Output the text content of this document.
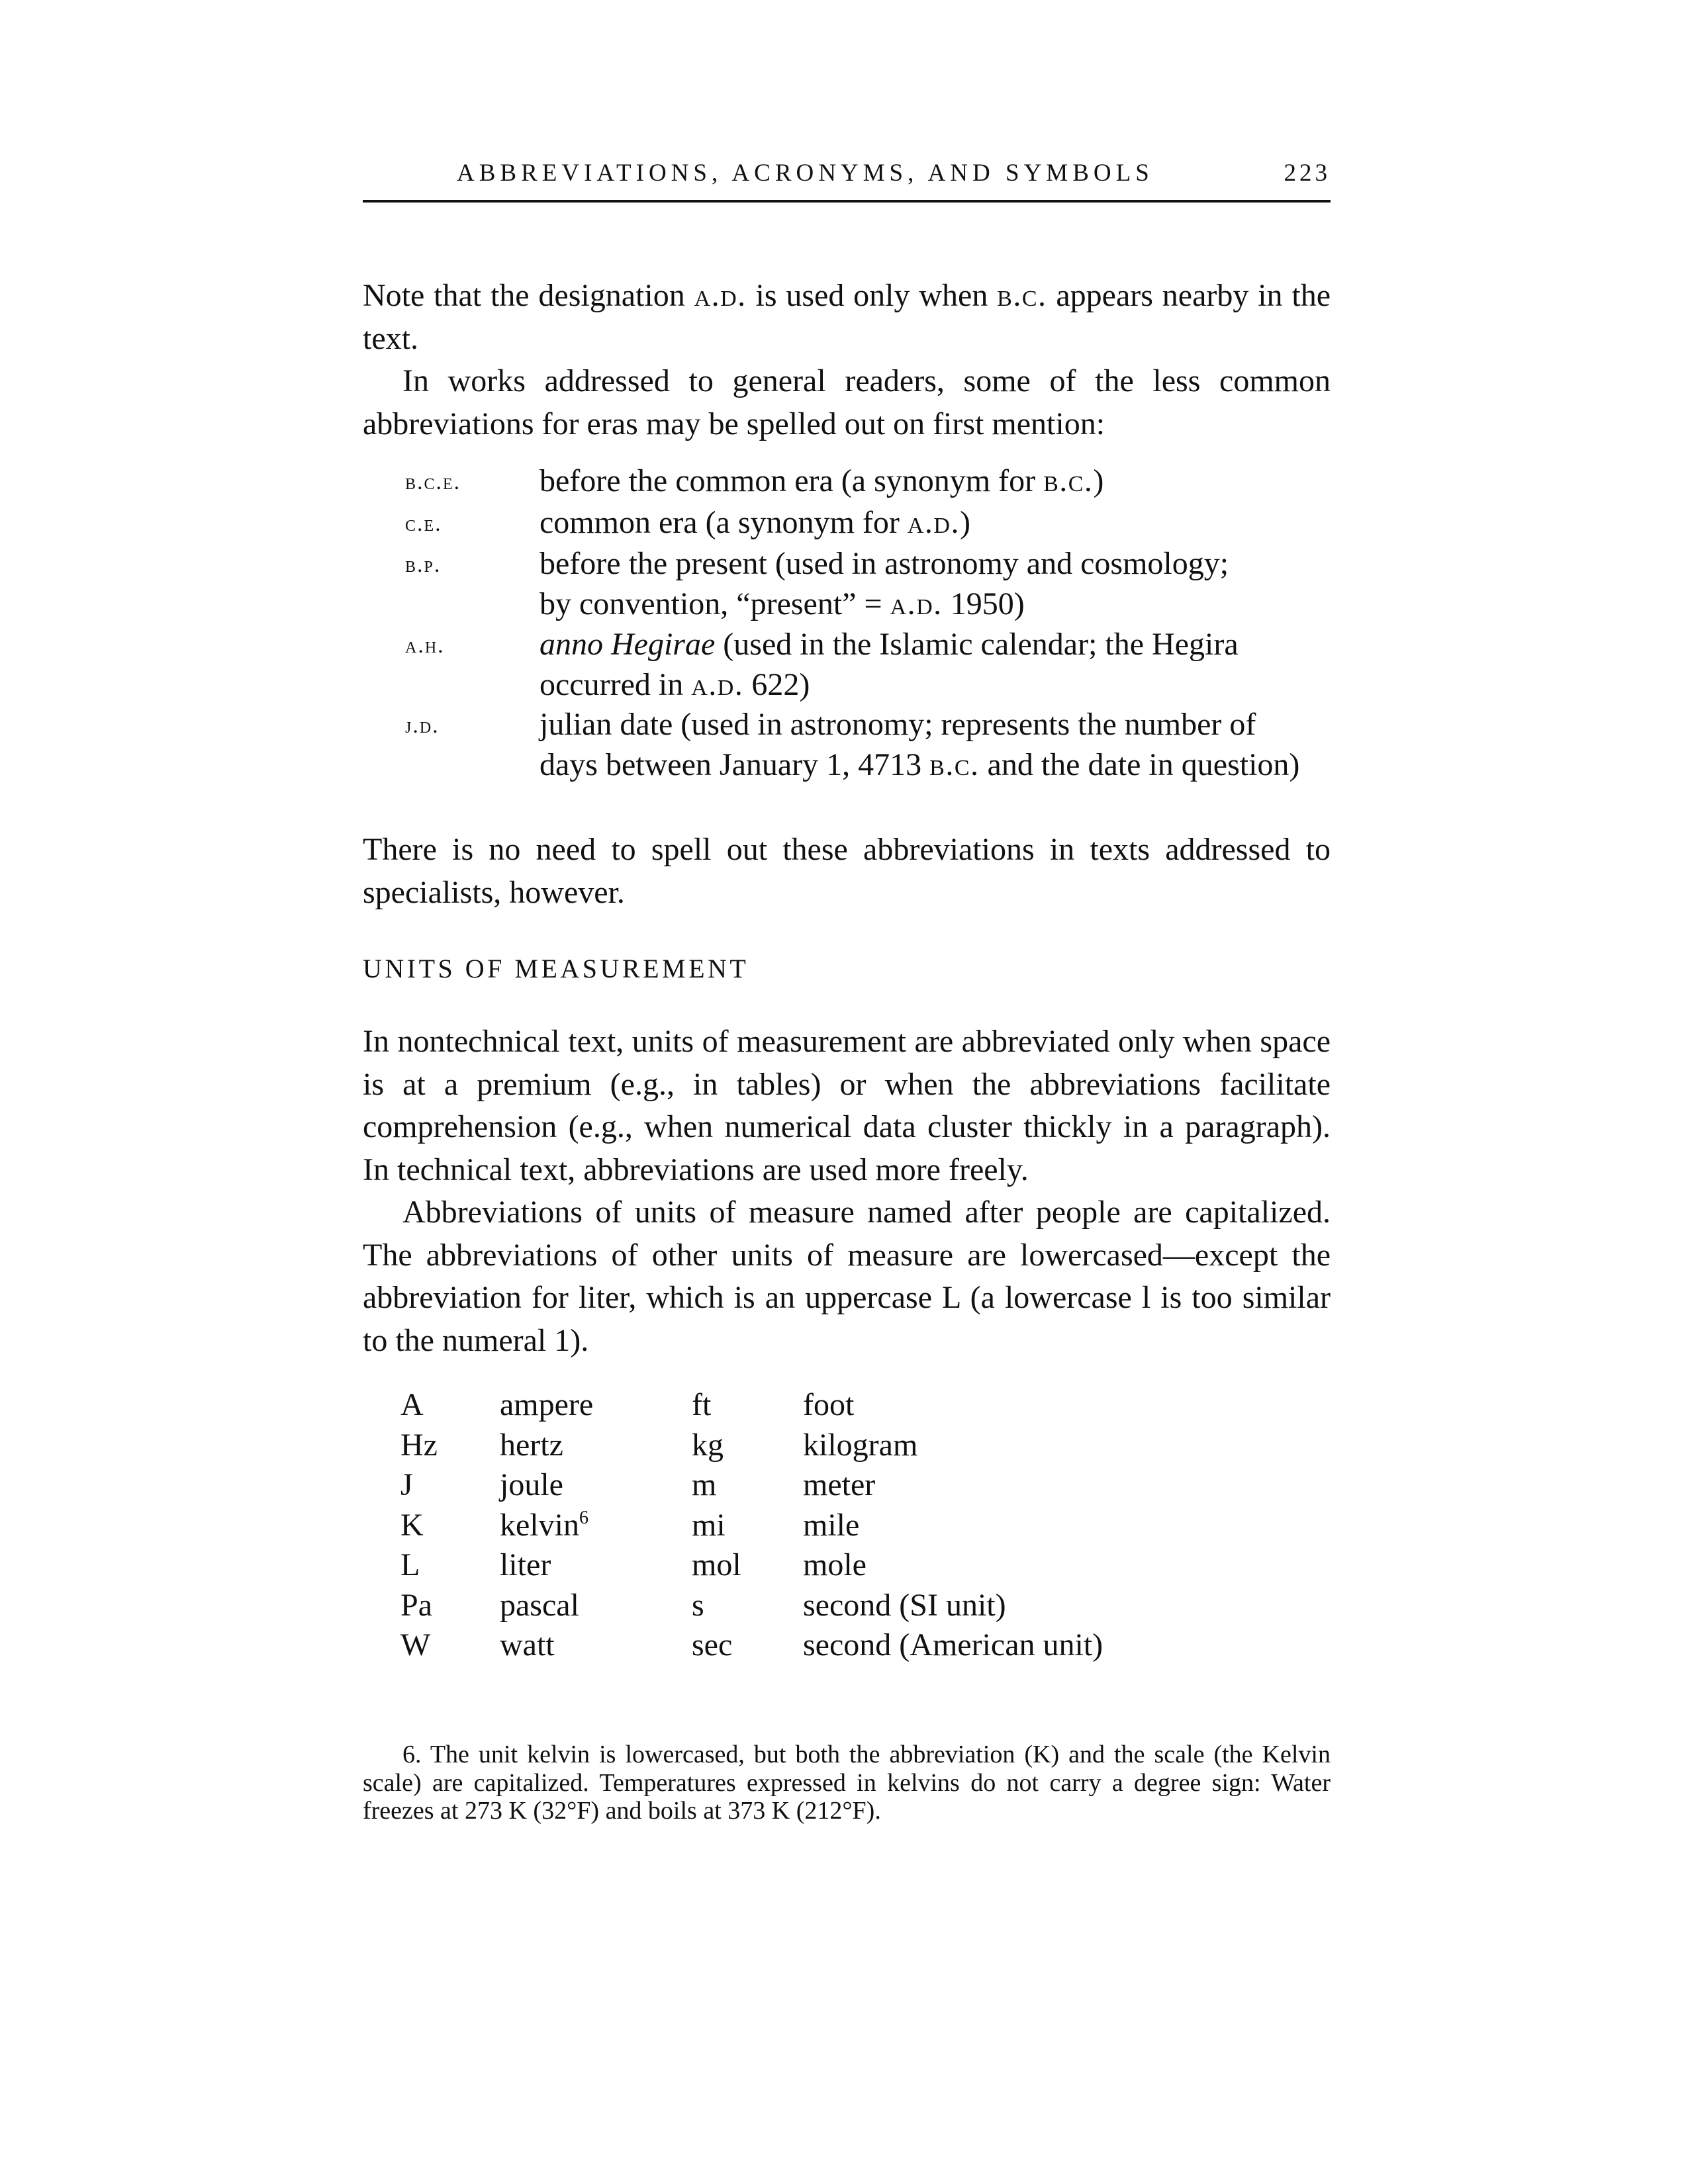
ABBREVIATIONS, ACRONYMS, AND SYMBOLS	223

Note that the designation a.d. is used only when b.c. appears nearby in the text.

In works addressed to general readers, some of the less common abbreviations for eras may be spelled out on first mention:

b.c.e.	before the common era (a synonym for b.c.)
c.e.	common era (a synonym for a.d.)
b.p.	before the present (used in astronomy and cosmology;
by convention, “present” = a.d. 1950)
a.h.	anno Hegirae (used in the Islamic calendar; the Hegira
occurred in a.d. 622)
j.d.	julian date (used in astronomy; represents the number of
days between January 1, 4713 b.c. and the date in question)

There is no need to spell out these abbreviations in texts addressed to specialists, however.

UNITS OF MEASUREMENT

In nontechnical text, units of measurement are abbreviated only when space is at a premium (e.g., in tables) or when the abbreviations facilitate comprehension (e.g., when numerical data cluster thickly in a paragraph). In technical text, abbreviations are used more freely.

Abbreviations of units of measure named after people are capitalized. The abbreviations of other units of measure are lowercased—except the abbreviation for liter, which is an uppercase L (a lowercase l is too similar to the numeral 1).

A ampere	ft	foot
Hz hertz	kg	kilogram
J	joule	m	meter
K kelvin$^6$	mi mile
L	liter	mol mole
Pa pascal	s	second (SI unit)
W watt	sec second (American unit)
6. The unit kelvin is lowercased, but both the abbreviation (K) and the scale (the Kelvin scale) are capitalized. Temperatures expressed in kelvins do not carry a degree sign: Water freezes at 273 K (32°F) and boils at 373 K (212°F).
